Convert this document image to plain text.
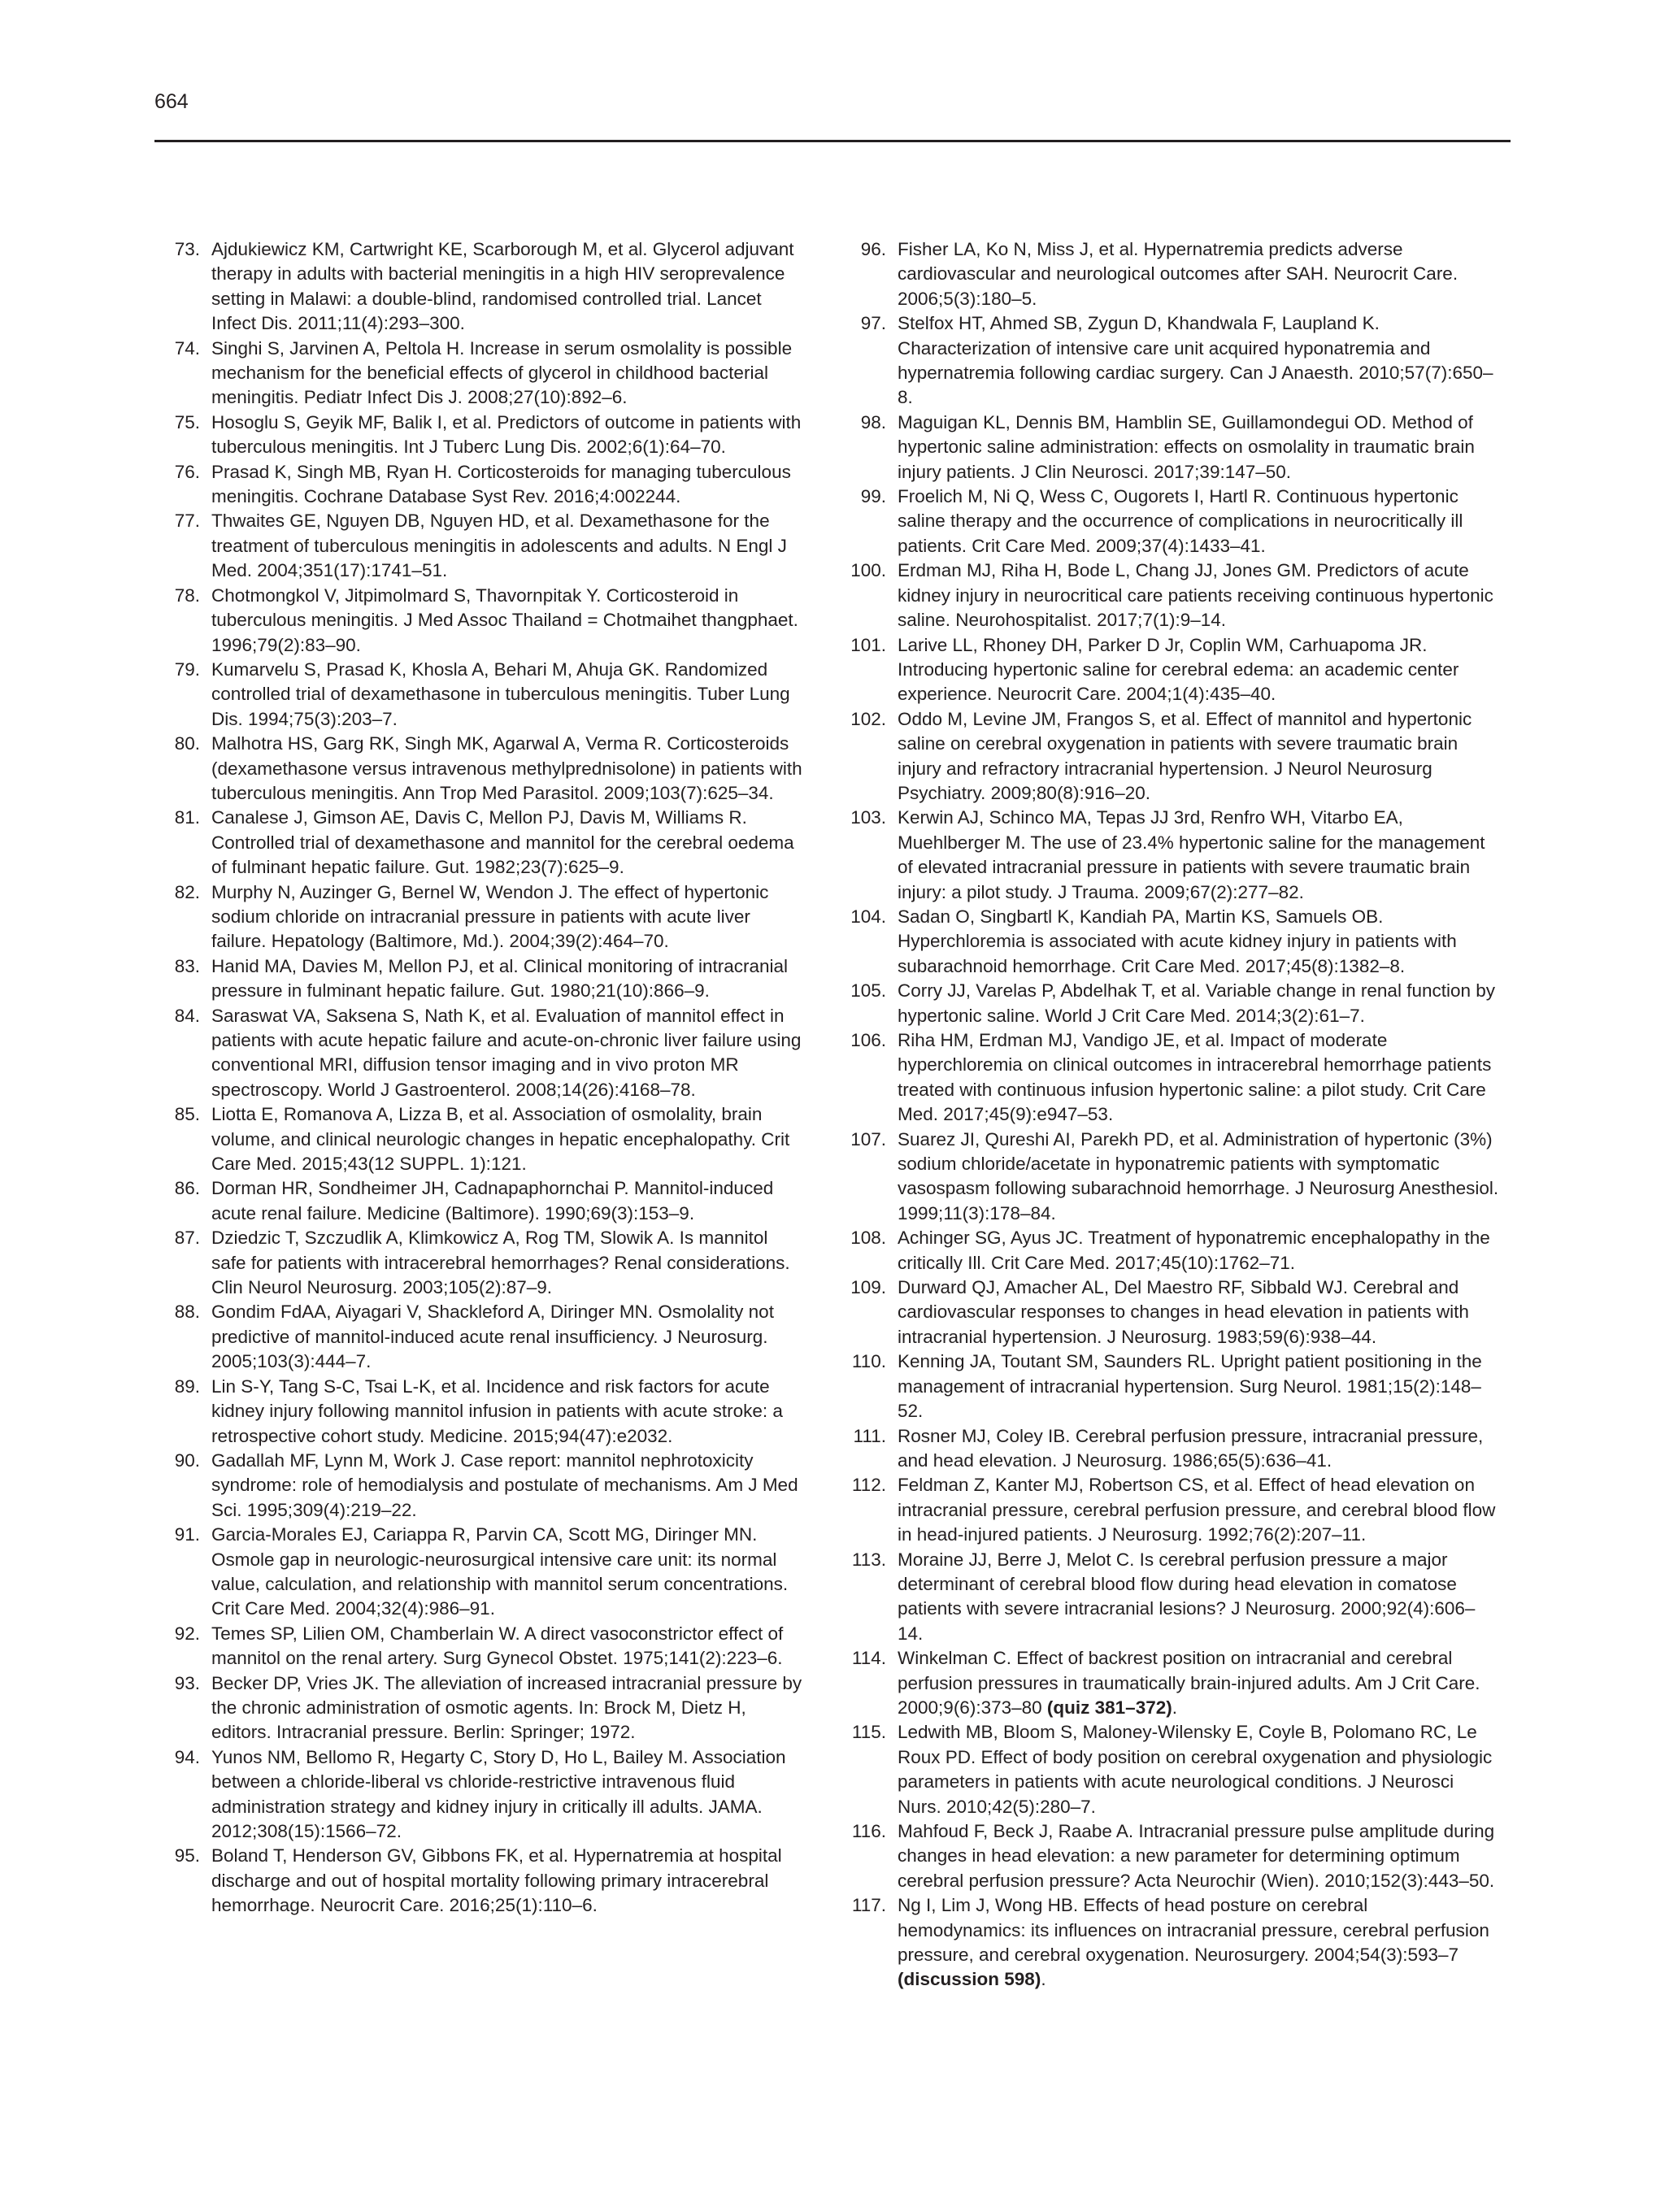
664
73. Ajdukiewicz KM, Cartwright KE, Scarborough M, et al. Glycerol adjuvant therapy in adults with bacterial meningitis in a high HIV seroprevalence setting in Malawi: a double-blind, randomised controlled trial. Lancet Infect Dis. 2011;11(4):293–300.
74. Singhi S, Jarvinen A, Peltola H. Increase in serum osmolality is possible mechanism for the beneficial effects of glycerol in childhood bacterial meningitis. Pediatr Infect Dis J. 2008;27(10):892–6.
75. Hosoglu S, Geyik MF, Balik I, et al. Predictors of outcome in patients with tuberculous meningitis. Int J Tuberc Lung Dis. 2002;6(1):64–70.
76. Prasad K, Singh MB, Ryan H. Corticosteroids for managing tuberculous meningitis. Cochrane Database Syst Rev. 2016;4:002244.
77. Thwaites GE, Nguyen DB, Nguyen HD, et al. Dexamethasone for the treatment of tuberculous meningitis in adolescents and adults. N Engl J Med. 2004;351(17):1741–51.
78. Chotmongkol V, Jitpimolmard S, Thavornpitak Y. Corticosteroid in tuberculous meningitis. J Med Assoc Thailand = Chotmaihet thangphaet. 1996;79(2):83–90.
79. Kumarvelu S, Prasad K, Khosla A, Behari M, Ahuja GK. Randomized controlled trial of dexamethasone in tuberculous meningitis. Tuber Lung Dis. 1994;75(3):203–7.
80. Malhotra HS, Garg RK, Singh MK, Agarwal A, Verma R. Corticosteroids (dexamethasone versus intravenous methylprednisolone) in patients with tuberculous meningitis. Ann Trop Med Parasitol. 2009;103(7):625–34.
81. Canalese J, Gimson AE, Davis C, Mellon PJ, Davis M, Williams R. Controlled trial of dexamethasone and mannitol for the cerebral oedema of fulminant hepatic failure. Gut. 1982;23(7):625–9.
82. Murphy N, Auzinger G, Bernel W, Wendon J. The effect of hypertonic sodium chloride on intracranial pressure in patients with acute liver failure. Hepatology (Baltimore, Md.). 2004;39(2):464–70.
83. Hanid MA, Davies M, Mellon PJ, et al. Clinical monitoring of intracranial pressure in fulminant hepatic failure. Gut. 1980;21(10):866–9.
84. Saraswat VA, Saksena S, Nath K, et al. Evaluation of mannitol effect in patients with acute hepatic failure and acute-on-chronic liver failure using conventional MRI, diffusion tensor imaging and in vivo proton MR spectroscopy. World J Gastroenterol. 2008;14(26):4168–78.
85. Liotta E, Romanova A, Lizza B, et al. Association of osmolality, brain volume, and clinical neurologic changes in hepatic encephalopathy. Crit Care Med. 2015;43(12 SUPPL. 1):121.
86. Dorman HR, Sondheimer JH, Cadnapaphornchai P. Mannitol-induced acute renal failure. Medicine (Baltimore). 1990;69(3):153–9.
87. Dziedzic T, Szczudlik A, Klimkowicz A, Rog TM, Slowik A. Is mannitol safe for patients with intracerebral hemorrhages? Renal considerations. Clin Neurol Neurosurg. 2003;105(2):87–9.
88. Gondim FdAA, Aiyagari V, Shackleford A, Diringer MN. Osmolality not predictive of mannitol-induced acute renal insufficiency. J Neurosurg. 2005;103(3):444–7.
89. Lin S-Y, Tang S-C, Tsai L-K, et al. Incidence and risk factors for acute kidney injury following mannitol infusion in patients with acute stroke: a retrospective cohort study. Medicine. 2015;94(47):e2032.
90. Gadallah MF, Lynn M, Work J. Case report: mannitol nephrotoxicity syndrome: role of hemodialysis and postulate of mechanisms. Am J Med Sci. 1995;309(4):219–22.
91. Garcia-Morales EJ, Cariappa R, Parvin CA, Scott MG, Diringer MN. Osmole gap in neurologic-neurosurgical intensive care unit: its normal value, calculation, and relationship with mannitol serum concentrations. Crit Care Med. 2004;32(4):986–91.
92. Temes SP, Lilien OM, Chamberlain W. A direct vasoconstrictor effect of mannitol on the renal artery. Surg Gynecol Obstet. 1975;141(2):223–6.
93. Becker DP, Vries JK. The alleviation of increased intracranial pressure by the chronic administration of osmotic agents. In: Brock M, Dietz H, editors. Intracranial pressure. Berlin: Springer; 1972.
94. Yunos NM, Bellomo R, Hegarty C, Story D, Ho L, Bailey M. Association between a chloride-liberal vs chloride-restrictive intravenous fluid administration strategy and kidney injury in critically ill adults. JAMA. 2012;308(15):1566–72.
95. Boland T, Henderson GV, Gibbons FK, et al. Hypernatremia at hospital discharge and out of hospital mortality following primary intracerebral hemorrhage. Neurocrit Care. 2016;25(1):110–6.
96. Fisher LA, Ko N, Miss J, et al. Hypernatremia predicts adverse cardiovascular and neurological outcomes after SAH. Neurocrit Care. 2006;5(3):180–5.
97. Stelfox HT, Ahmed SB, Zygun D, Khandwala F, Laupland K. Characterization of intensive care unit acquired hyponatremia and hypernatremia following cardiac surgery. Can J Anaesth. 2010;57(7):650–8.
98. Maguigan KL, Dennis BM, Hamblin SE, Guillamondegui OD. Method of hypertonic saline administration: effects on osmolality in traumatic brain injury patients. J Clin Neurosci. 2017;39:147–50.
99. Froelich M, Ni Q, Wess C, Ougorets I, Hartl R. Continuous hypertonic saline therapy and the occurrence of complications in neurocritically ill patients. Crit Care Med. 2009;37(4):1433–41.
100. Erdman MJ, Riha H, Bode L, Chang JJ, Jones GM. Predictors of acute kidney injury in neurocritical care patients receiving continuous hypertonic saline. Neurohospitalist. 2017;7(1):9–14.
101. Larive LL, Rhoney DH, Parker D Jr, Coplin WM, Carhuapoma JR. Introducing hypertonic saline for cerebral edema: an academic center experience. Neurocrit Care. 2004;1(4):435–40.
102. Oddo M, Levine JM, Frangos S, et al. Effect of mannitol and hypertonic saline on cerebral oxygenation in patients with severe traumatic brain injury and refractory intracranial hypertension. J Neurol Neurosurg Psychiatry. 2009;80(8):916–20.
103. Kerwin AJ, Schinco MA, Tepas JJ 3rd, Renfro WH, Vitarbo EA, Muehlberger M. The use of 23.4% hypertonic saline for the management of elevated intracranial pressure in patients with severe traumatic brain injury: a pilot study. J Trauma. 2009;67(2):277–82.
104. Sadan O, Singbartl K, Kandiah PA, Martin KS, Samuels OB. Hyperchloremia is associated with acute kidney injury in patients with subarachnoid hemorrhage. Crit Care Med. 2017;45(8):1382–8.
105. Corry JJ, Varelas P, Abdelhak T, et al. Variable change in renal function by hypertonic saline. World J Crit Care Med. 2014;3(2):61–7.
106. Riha HM, Erdman MJ, Vandigo JE, et al. Impact of moderate hyperchloremia on clinical outcomes in intracerebral hemorrhage patients treated with continuous infusion hypertonic saline: a pilot study. Crit Care Med. 2017;45(9):e947–53.
107. Suarez JI, Qureshi AI, Parekh PD, et al. Administration of hypertonic (3%) sodium chloride/acetate in hyponatremic patients with symptomatic vasospasm following subarachnoid hemorrhage. J Neurosurg Anesthesiol. 1999;11(3):178–84.
108. Achinger SG, Ayus JC. Treatment of hyponatremic encephalopathy in the critically Ill. Crit Care Med. 2017;45(10):1762–71.
109. Durward QJ, Amacher AL, Del Maestro RF, Sibbald WJ. Cerebral and cardiovascular responses to changes in head elevation in patients with intracranial hypertension. J Neurosurg. 1983;59(6):938–44.
110. Kenning JA, Toutant SM, Saunders RL. Upright patient positioning in the management of intracranial hypertension. Surg Neurol. 1981;15(2):148–52.
111. Rosner MJ, Coley IB. Cerebral perfusion pressure, intracranial pressure, and head elevation. J Neurosurg. 1986;65(5):636–41.
112. Feldman Z, Kanter MJ, Robertson CS, et al. Effect of head elevation on intracranial pressure, cerebral perfusion pressure, and cerebral blood flow in head-injured patients. J Neurosurg. 1992;76(2):207–11.
113. Moraine JJ, Berre J, Melot C. Is cerebral perfusion pressure a major determinant of cerebral blood flow during head elevation in comatose patients with severe intracranial lesions? J Neurosurg. 2000;92(4):606–14.
114. Winkelman C. Effect of backrest position on intracranial and cerebral perfusion pressures in traumatically brain-injured adults. Am J Crit Care. 2000;9(6):373–80 (quiz 381–372).
115. Ledwith MB, Bloom S, Maloney-Wilensky E, Coyle B, Polomano RC, Le Roux PD. Effect of body position on cerebral oxygenation and physiologic parameters in patients with acute neurological conditions. J Neurosci Nurs. 2010;42(5):280–7.
116. Mahfoud F, Beck J, Raabe A. Intracranial pressure pulse amplitude during changes in head elevation: a new parameter for determining optimum cerebral perfusion pressure? Acta Neurochir (Wien). 2010;152(3):443–50.
117. Ng I, Lim J, Wong HB. Effects of head posture on cerebral hemodynamics: its influences on intracranial pressure, cerebral perfusion pressure, and cerebral oxygenation. Neurosurgery. 2004;54(3):593–7 (discussion 598).
